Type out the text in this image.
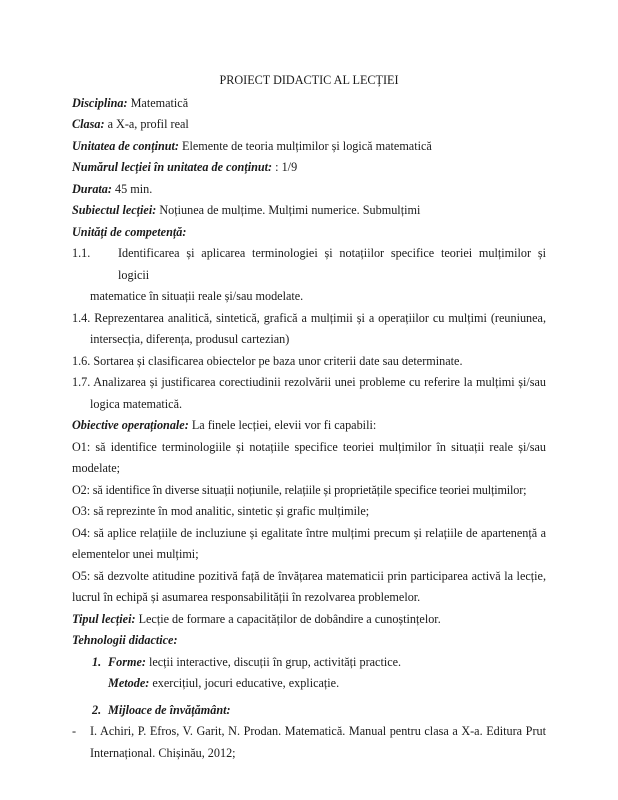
PROIECT DIDACTIC AL LECȚIEI
Disciplina: Matematică
Clasa: a X-a, profil real
Unitatea de conținut: Elemente de teoria mulțimilor și logică matematică
Numărul lecției în unitatea de conținut: : 1/9
Durata: 45 min.
Subiectul lecției: Noțiunea de mulțime. Mulțimi numerice. Submulțimi
Unități de competență:
1.1.	Identificarea și aplicarea terminologiei și notațiilor specifice teoriei mulțimilor și logicii
matematice în situații reale și/sau modelate.
1.4. Reprezentarea analitică, sintetică, grafică a mulțimii și a operațiilor cu mulțimi (reuniunea,
intersecția, diferența, produsul cartezian)
1.6. Sortarea și clasificarea obiectelor pe baza unor criterii date sau determinate.
1.7. Analizarea și justificarea corectiudinii rezolvării unei probleme cu referire la mulțimi și/sau
logica matematică.
Obiective operaționale: La finele lecției, elevii vor fi capabili:
O1: să identifice terminologiile și notațiile specifice teoriei mulțimilor în situații reale și/sau
modelate;
O2: să identifice în diverse situații noțiunile, relațiile și proprietățile specifice teoriei mulțimilor;
O3: să reprezinte în mod analitic, sintetic și grafic mulțimile;
O4: să aplice relațiile de incluziune și egalitate între mulțimi precum și relațiile de apartenență a
elementelor unei mulțimi;
O5: să dezvolte atitudine pozitivă față de învățarea matematicii prin participarea activă la lecție,
lucrul în echipă și asumarea responsabilității în rezolvarea problemelor.
Tipul lecției: Lecție de formare a capacităților de dobândire a cunoștințelor.
Tehnologii didactice:
1. Forme: lecții interactive, discuții în grup, activități practice.
Metode: exercițiul, jocuri educative, explicație.
2. Mijloace de învățământ:
-	I. Achiri, P. Efros, V. Garit, N. Prodan. Matematică. Manual pentru clasa a X-a. Editura Prut
Internațional. Chișinău, 2012;
